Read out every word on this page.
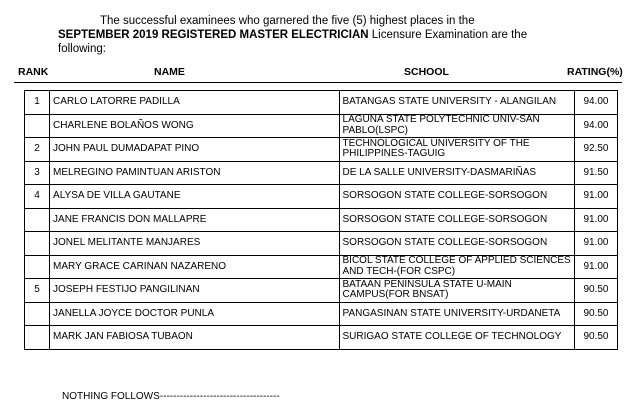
The successful examinees who garnered the five (5) highest places in the
SEPTEMBER 2019 REGISTERED MASTER ELECTRICIAN Licensure Examination are the
following:
RANK	NAME	SCHOOL	RATING(%)
1	CARLO LATORRE PADILLA	BATANGAS STATE UNIVERSITY - ALANGILAN	94.00
	CHARLENE BOLAÑOS WONG	LAGUNA STATE POLYTECHNIC UNIV-SAN PABLO(LSPC)	94.00
2	JOHN PAUL DUMADAPAT PINO	TECHNOLOGICAL UNIVERSITY OF THE PHILIPPINES-TAGUIG	92.50
3	MELREGINO PAMINTUAN ARISTON	DE LA SALLE UNIVERSITY-DASMARIÑAS	91.50
4	ALYSA DE VILLA GAUTANE	SORSOGON STATE COLLEGE-SORSOGON	91.00
	JANE FRANCIS DON MALLAPRE	SORSOGON STATE COLLEGE-SORSOGON	91.00
	JONEL MELITANTE MANJARES	SORSOGON STATE COLLEGE-SORSOGON	91.00
	MARY GRACE CARINAN NAZARENO	BICOL STATE COLLEGE OF APPLIED SCIENCES AND TECH-(FOR CSPC)	91.00
5	JOSEPH FESTIJO PANGILINAN	BATAAN PENINSULA STATE U-MAIN CAMPUS(FOR BNSAT)	90.50
	JANELLA JOYCE DOCTOR PUNLA	PANGASINAN STATE UNIVERSITY-URDANETA	90.50
	MARK JAN FABIOSA TUBAON	SURIGAO STATE COLLEGE OF TECHNOLOGY	90.50
NOTHING FOLLOWS------------------------------------
